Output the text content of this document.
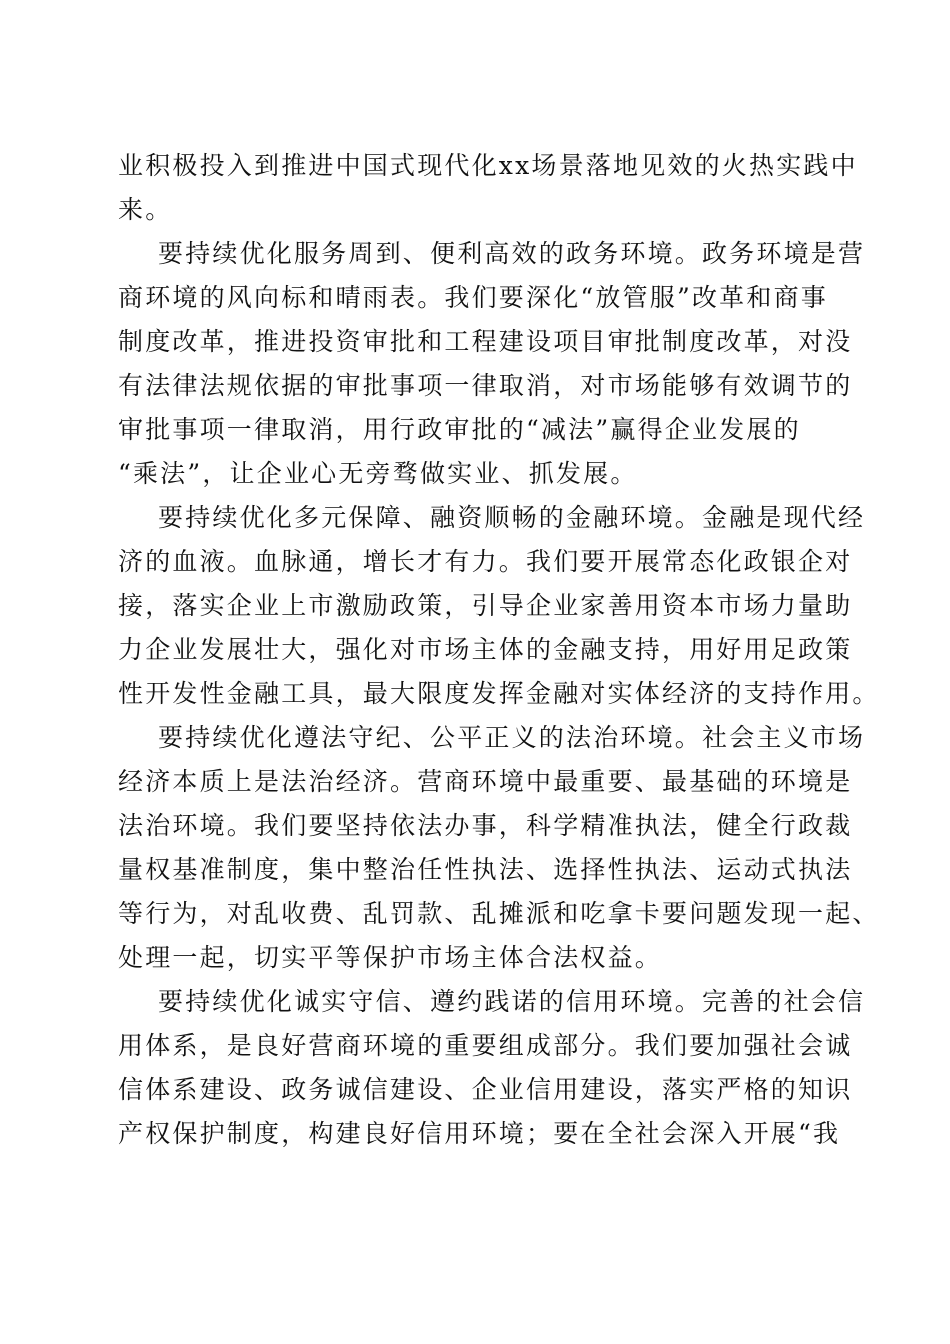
业积极投入到推进中国式现代化xx场景落地见效的火热实践中

来。

要持续优化服务周到、便利高效的政务环境。政务环境是营

商环境的风向标和晴雨表。我们要深化“放管服”改革和商事

制度改革，推进投资审批和工程建设项目审批制度改革，对没

有法律法规依据的审批事项一律取消，对市场能够有效调节的

审批事项一律取消，用行政审批的“减法”赢得企业发展的

“乘法”，让企业心无旁骛做实业、抓发展。

要持续优化多元保障、融资顺畅的金融环境。金融是现代经

济的血液。血脉通，增长才有力。我们要开展常态化政银企对

接，落实企业上市激励政策，引导企业家善用资本市场力量助

力企业发展壮大，强化对市场主体的金融支持，用好用足政策

性开发性金融工具，最大限度发挥金融对实体经济的支持作用。

要持续优化遵法守纪、公平正义的法治环境。社会主义市场

经济本质上是法治经济。营商环境中最重要、最基础的环境是

法治环境。我们要坚持依法办事，科学精准执法，健全行政裁

量权基准制度，集中整治任性执法、选择性执法、运动式执法

等行为，对乱收费、乱罚款、乱摊派和吃拿卡要问题发现一起、

处理一起，切实平等保护市场主体合法权益。

要持续优化诚实守信、遵约践诺的信用环境。完善的社会信

用体系，是良好营商环境的重要组成部分。我们要加强社会诚

信体系建设、政务诚信建设、企业信用建设，落实严格的知识

产权保护制度，构建良好信用环境；要在全社会深入开展“我
